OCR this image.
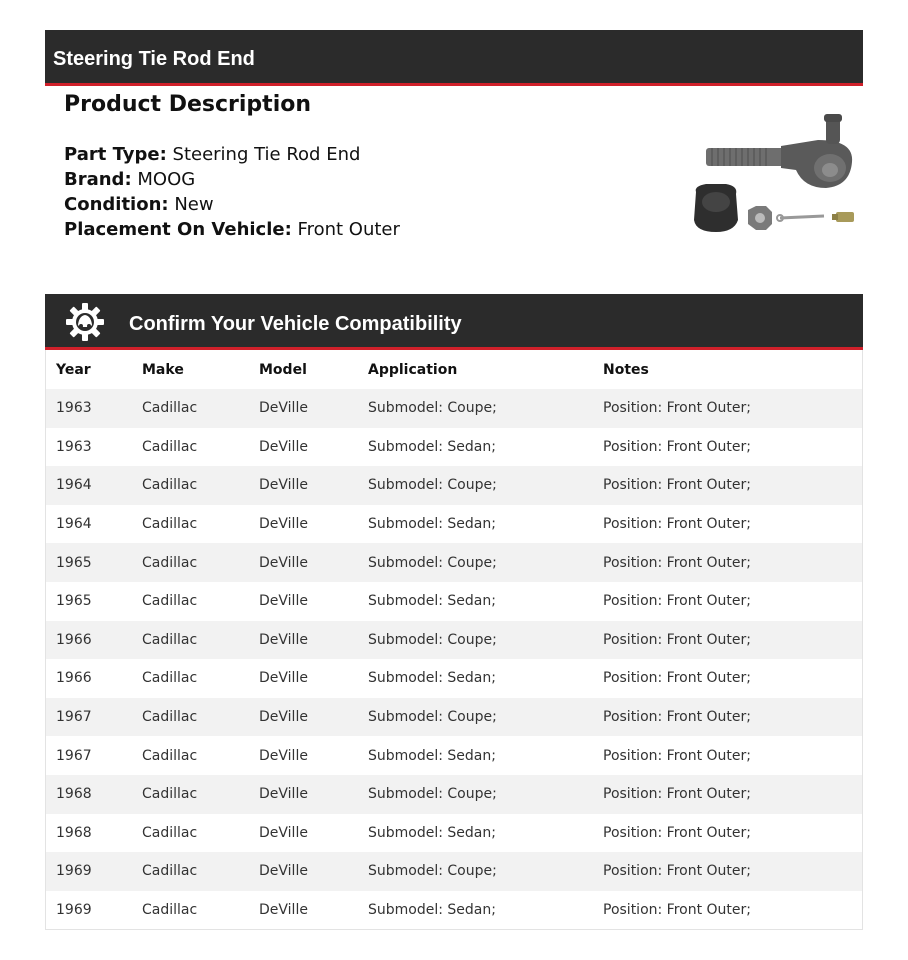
Steering Tie Rod End
Product Description
Part Type: Steering Tie Rod End
Brand: MOOG
Condition: New
Placement On Vehicle: Front Outer
Confirm Your Vehicle Compatibility
Year	Make	Model	Application	Notes
1963	Cadillac	DeVille	Submodel: Coupe;	Position: Front Outer;
1963	Cadillac	DeVille	Submodel: Sedan;	Position: Front Outer;
1964	Cadillac	DeVille	Submodel: Coupe;	Position: Front Outer;
1964	Cadillac	DeVille	Submodel: Sedan;	Position: Front Outer;
1965	Cadillac	DeVille	Submodel: Coupe;	Position: Front Outer;
1965	Cadillac	DeVille	Submodel: Sedan;	Position: Front Outer;
1966	Cadillac	DeVille	Submodel: Coupe;	Position: Front Outer;
1966	Cadillac	DeVille	Submodel: Sedan;	Position: Front Outer;
1967	Cadillac	DeVille	Submodel: Coupe;	Position: Front Outer;
1967	Cadillac	DeVille	Submodel: Sedan;	Position: Front Outer;
1968	Cadillac	DeVille	Submodel: Coupe;	Position: Front Outer;
1968	Cadillac	DeVille	Submodel: Sedan;	Position: Front Outer;
1969	Cadillac	DeVille	Submodel: Coupe;	Position: Front Outer;
1969	Cadillac	DeVille	Submodel: Sedan;	Position: Front Outer;
